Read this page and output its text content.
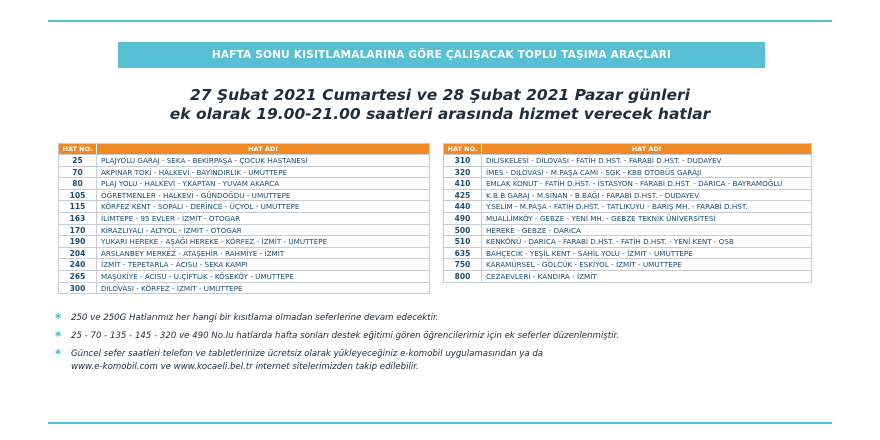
HAFTA SONU KISITLAMALARINA GÖRE ÇALIŞACAK TOPLU TAŞIMA ARAÇLARI
27 Şubat 2021 Cumartesi ve 28 Şubat 2021 Pazar günleri
ek olarak 19.00-21.00 saatleri arasında hizmet verecek hatlar
HAT NO.	HAT ADI
25	PLAJYOLU GARAJ - SEKA - BEKİRPAŞA - ÇOCUK HASTANESİ
70	AKPINAR TOKİ - HALKEVİ - BAYINDIRLIK - UMUTTEPE
80	PLAJ YOLU - HALKEVİ - Y.KAPTAN - YUVAM AKARCA
105	ÖĞRETMENLER - HALKEVİ - GÜNDOĞDU - UMUTTEPE
115	KÖRFEZ KENT - SOPALI - DERİNCE - ÜÇYOL - UMUTTEPE
163	İLİMTEPE - 95 EVLER - İZMİT - OTOGAR
170	KİRAZLIYALI - ALTYOL - İZMİT - OTOGAR
190	YUKARI HEREKE - AŞAĞI HEREKE - KÖRFEZ - İZMİT - UMUTTEPE
204	ARSLANBEY MERKEZ - ATAŞEHİR - RAHMİYE - İZMİT
240	İZMİT - TEPETARLA - ACISU - SEKA KAMPI
265	MAŞUKİYE - ACISU - U.ÇİFTLİK - KÖSEKÖY - UMUTTEPE
300	DİLOVASI - KÖRFEZ - İZMİT - UMUTTEPE
HAT NO.	HAT ADI
310	DİLİSKELESİ - DİLOVASI - FATİH D.HST. - FARABİ D.HST. - DUDAYEV
320	İMES - DİLOVASI - M.PAŞA CAMİ - SGK - KBB OTOBÜS GARAJI
410	EMLAK KONUT - FATİH D.HST. - İSTASYON - FARABİ D.HST. - DARICA - BAYRAMOĞLU
425	K.B.B GARAJ - M.SİNAN - B.BAĞI - FARABİ D.HST. - DUDAYEV
440	Y.SELİM - M.PAŞA - FATİH D.HST. - TATLIKUYU - BARIŞ MH. - FARABİ D.HST.
490	MUALLİMKÖY - GEBZE - YENİ MH. - GEBZE TEKNİK ÜNİVERSİTESİ
500	HEREKE - GEBZE - DARICA
510	KENKÖNÜ - DARICA - FARABİ D.HST. - FATİH D.HST. - YENİ KENT - OSB
635	BAHÇECİK - YEŞİL KENT - SAHİL YOLU - İZMİT - UMUTTEPE
750	KARAMÜRSEL - GÖLCÜK - ESKİYOL - İZMİT - UMUTTEPE
800	CEZAEVLERİ - KANDIRA - İZMİT
*	250 ve 250G Hatlarımız her hangi bir kısıtlama olmadan seferlerine devam edecektir.
*	25 - 70 - 135 - 145 - 320 ve 490 No.lu hatlarda hafta sonları destek eğitimi gören öğrencilerimiz için ek seferler düzenlenmiştir.
*	Güncel sefer saatleri telefon ve tabletlerinize ücretsiz olarak yükleyeceğiniz e-komobil uygulamasından ya da
www.e-komobil.com ve www.kocaeli.bel.tr internet sitelerimizden takip edilebilir.
